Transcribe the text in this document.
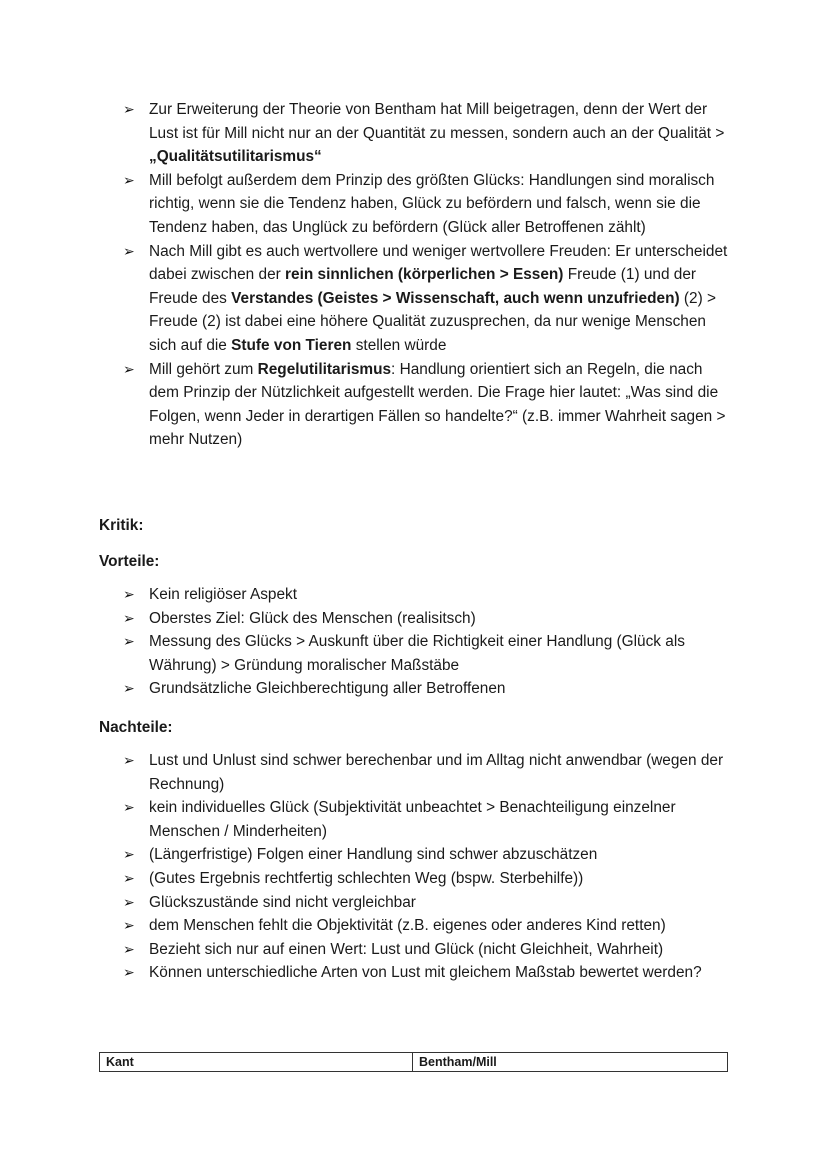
➢ Zur Erweiterung der Theorie von Bentham hat Mill beigetragen, denn der Wert der Lust ist für Mill nicht nur an der Quantität zu messen, sondern auch an der Qualität > „Qualitätsutilitarismus“
➢ Mill befolgt außerdem dem Prinzip des größten Glücks: Handlungen sind moralisch richtig, wenn sie die Tendenz haben, Glück zu befördern und falsch, wenn sie die Tendenz haben, das Unglück zu befördern (Glück aller Betroffenen zählt)
➢ Nach Mill gibt es auch wertvollere und weniger wertvollere Freuden: Er unterscheidet dabei zwischen der rein sinnlichen (körperlichen > Essen) Freude (1) und der Freude des Verstandes (Geistes > Wissenschaft, auch wenn unzufrieden) (2) > Freude (2) ist dabei eine höhere Qualität zuzusprechen, da nur wenige Menschen sich auf die Stufe von Tieren stellen würde
➢ Mill gehört zum Regelutilitarismus: Handlung orientiert sich an Regeln, die nach dem Prinzip der Nützlichkeit aufgestellt werden. Die Frage hier lautet: „Was sind die Folgen, wenn Jeder in derartigen Fällen so handelte?“ (z.B. immer Wahrheit sagen > mehr Nutzen)
Kritik:
Vorteile:
➢ Kein religiöser Aspekt
➢ Oberstes Ziel: Glück des Menschen (realisitsch)
➢ Messung des Glücks > Auskunft über die Richtigkeit einer Handlung (Glück als Währung) > Gründung moralischer Maßstäbe
➢ Grundsätzliche Gleichberechtigung aller Betroffenen
Nachteile:
➢ Lust und Unlust sind schwer berechenbar und im Alltag nicht anwendbar (wegen der Rechnung)
➢ kein individuelles Glück (Subjektivität unbeachtet > Benachteiligung einzelner Menschen / Minderheiten)
➢ (Längerfristige) Folgen einer Handlung sind schwer abzuschätzen
➢ (Gutes Ergebnis rechtfertig schlechten Weg (bspw. Sterbehilfe))
➢ Glückszustände sind nicht vergleichbar
➢ dem Menschen fehlt die Objektivität (z.B. eigenes oder anderes Kind retten)
➢ Bezieht sich nur auf einen Wert: Lust und Glück (nicht Gleichheit, Wahrheit)
➢ Können unterschiedliche Arten von Lust mit gleichem Maßstab bewertet werden?
Kant	Bentham/Mill
